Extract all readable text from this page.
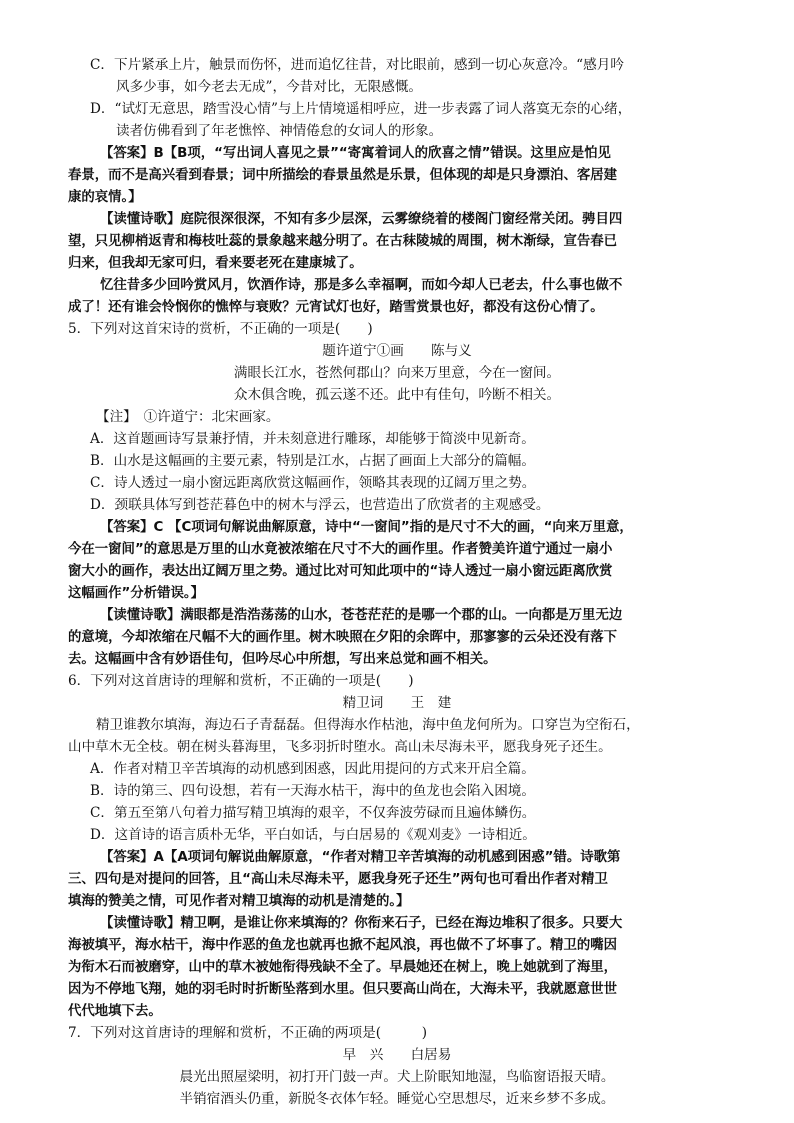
C．下片紧承上片，触景而伤怀，进而追忆往昔，对比眼前，感到一切心灰意冷。“感月吟
风多少事，如今老去无成”，今昔对比，无限感慨。
D．“试灯无意思，踏雪没心情”与上片情境遥相呼应，进一步表露了词人落寞无奈的心绪，
读者仿佛看到了年老憔悴、神情倦怠的女词人的形象。
【答案】B【B项，“写出词人喜见之景”“寄寓着词人的欣喜之情”错误。这里应是怕见
春景，而不是高兴看到春景；词中所描绘的春景虽然是乐景，但体现的却是只身漂泊、客居建
康的哀情。】
【读懂诗歌】庭院很深很深，不知有多少层深，云雾缭绕着的楼阁门窗经常关闭。骋目四
望，只见柳梢返青和梅枝吐蕊的景象越来越分明了。在古秣陵城的周围，树木渐绿，宣告春已
归来，但我却无家可归，看来要老死在建康城了。
忆往昔多少回吟赏风月，饮酒作诗，那是多么幸福啊，而如今却人已老去，什么事也做不
成了！还有谁会怜悯你的憔悴与衰败？元宵试灯也好，踏雪赏景也好，都没有这份心情了。
5．下列对这首宋诗的赏析，不正确的一项是(　　)
题许道宁①画　　陈与义
满眼长江水，苍然何郡山？向来万里意，今在一窗间。
众木俱含晚，孤云遂不还。此中有佳句，吟断不相关。
【注】　①许道宁：北宋画家。
A．这首题画诗写景兼抒情，并未刻意进行雕琢，却能够于简淡中见新奇。
B．山水是这幅画的主要元素，特别是江水，占据了画面上大部分的篇幅。
C．诗人透过一扇小窗远距离欣赏这幅画作，领略其表现的辽阔万里之势。
D．颈联具体写到苍茫暮色中的树木与浮云，也营造出了欣赏者的主观感受。
【答案】C 【C项词句解说曲解原意，诗中“一窗间”指的是尺寸不大的画，“向来万里意，
今在一窗间”的意思是万里的山水竟被浓缩在尺寸不大的画作里。作者赞美许道宁通过一扇小
窗大小的画作，表达出辽阔万里之势。通过比对可知此项中的“诗人透过一扇小窗远距离欣赏
这幅画作”分析错误。】
【读懂诗歌】满眼都是浩浩荡荡的山水，苍苍茫茫的是哪一个郡的山。一向都是万里无边
的意境，今却浓缩在尺幅不大的画作里。树木映照在夕阳的余晖中，那寥寥的云朵还没有落下
去。这幅画中含有妙语佳句，但吟尽心中所想，写出来总觉和画不相关。
6．下列对这首唐诗的理解和赏析，不正确的一项是(　　)
精卫词　　王　建
精卫谁教尔填海，海边石子青磊磊。但得海水作枯池，海中鱼龙何所为。口穿岂为空衔石，
山中草木无全枝。朝在树头暮海里，飞多羽折时堕水。高山未尽海未平，愿我身死子还生。
A．作者对精卫辛苦填海的动机感到困惑，因此用提问的方式来开启全篇。
B．诗的第三、四句设想，若有一天海水枯干，海中的鱼龙也会陷入困境。
C．第五至第八句着力描写精卫填海的艰辛，不仅奔波劳碌而且遍体鳞伤。
D．这首诗的语言质朴无华，平白如话，与白居易的《观刈麦》一诗相近。
【答案】A【A项词句解说曲解原意，“作者对精卫辛苦填海的动机感到困惑”错。诗歌第
三、四句是对提问的回答，且“高山未尽海未平，愿我身死子还生”两句也可看出作者对精卫
填海的赞美之情，可见作者对精卫填海的动机是清楚的。】
【读懂诗歌】精卫啊，是谁让你来填海的？你衔来石子，已经在海边堆积了很多。只要大
海被填平，海水枯干，海中作恶的鱼龙也就再也掀不起风浪，再也做不了坏事了。精卫的嘴因
为衔木石而被磨穿，山中的草木被她衔得残缺不全了。早晨她还在树上，晚上她就到了海里，
因为不停地飞翔，她的羽毛时时折断坠落到水里。但只要高山尚在，大海未平，我就愿意世世
代代地填下去。
7．下列对这首唐诗的理解和赏析，不正确的两项是(　　　)
早　兴　　白居易
晨光出照屋梁明，初打开门鼓一声。犬上阶眠知地湿，鸟临窗语报天晴。
半销宿酒头仍重，新脱冬衣体乍轻。睡觉心空思想尽，近来乡梦不多成。
